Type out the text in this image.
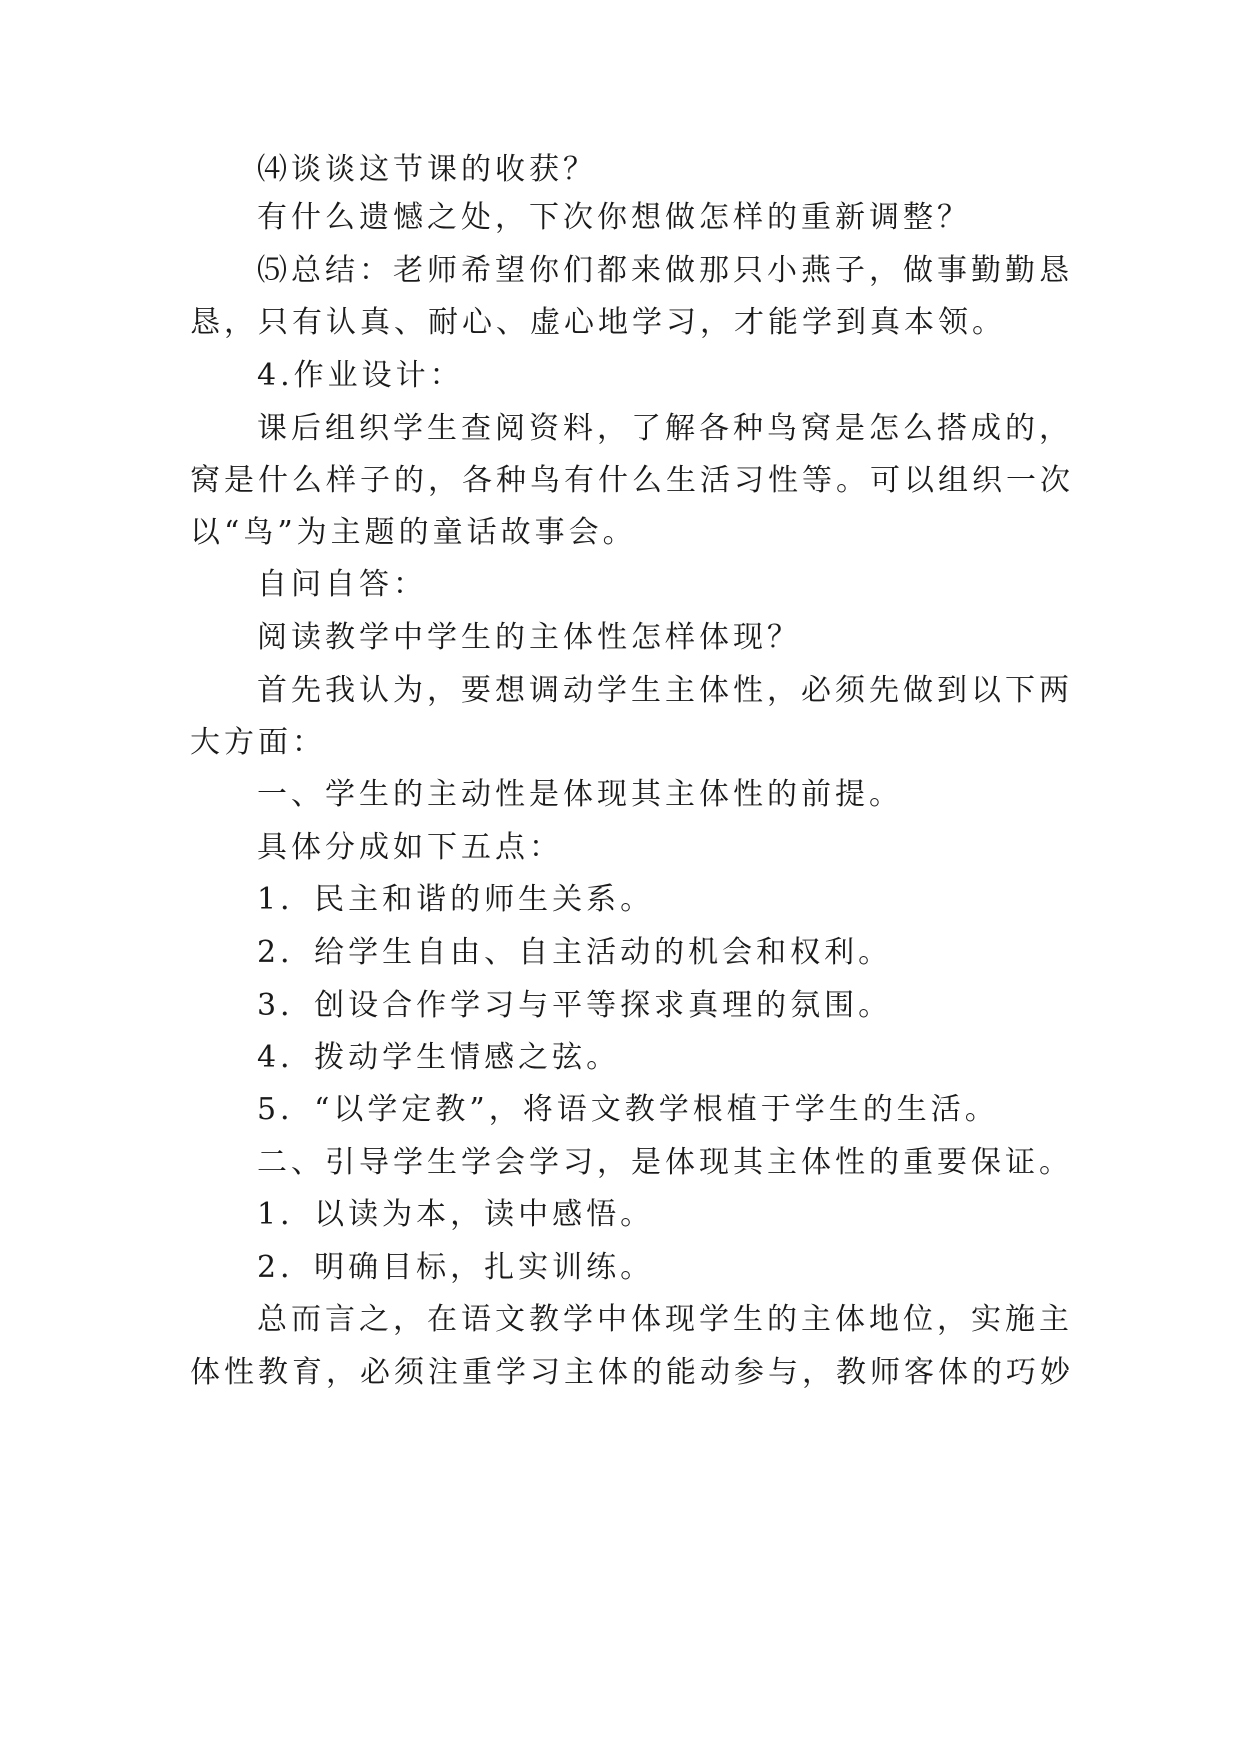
⑷谈谈这节课的收获？
有什么遗憾之处，下次你想做怎样的重新调整？
⑸总结：老师希望你们都来做那只小燕子，做事勤勤恳
恳，只有认真、耐心、虚心地学习，才能学到真本领。
4.作业设计：
课后组织学生查阅资料，了解各种鸟窝是怎么搭成的，
窝是什么样子的，各种鸟有什么生活习性等。可以组织一次
以“鸟”为主题的童话故事会。
自问自答：
阅读教学中学生的主体性怎样体现？
首先我认为，要想调动学生主体性，必须先做到以下两
大方面：
一、学生的主动性是体现其主体性的前提。
具体分成如下五点：
1．民主和谐的师生关系。
2．给学生自由、自主活动的机会和权利。
3．创设合作学习与平等探求真理的氛围。
4．拨动学生情感之弦。
5．“以学定教”，将语文教学根植于学生的生活。
二、引导学生学会学习，是体现其主体性的重要保证。
1．以读为本，读中感悟。
2．明确目标，扎实训练。
总而言之，在语文教学中体现学生的主体地位，实施主
体性教育，必须注重学习主体的能动参与，教师客体的巧妙
